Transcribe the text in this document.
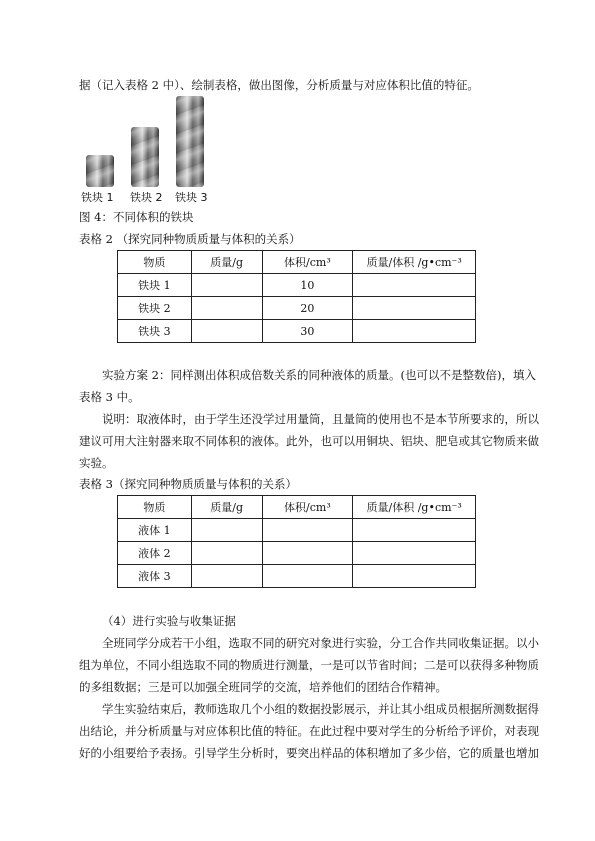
据（记入表格 2 中）、绘制表格，做出图像，分析质量与对应体积比值的特征。
铁块 1 铁块 2 铁块 3
图 4：不同体积的铁块
表格 2 （探究同种物质质量与体积的关系）
物质	质量/g	体积/cm³	质量/体积 /g•cm⁻³
铁块 1		10	
铁块 2		20	
铁块 3		30	

实验方案 2：同样测出体积成倍数关系的同种液体的质量。(也可以不是整数倍)，填入表格 3 中。

说明：取液体时，由于学生还没学过用量筒，且量筒的使用也不是本节所要求的，所以建议可用大注射器来取不同体积的液体。此外，也可以用铜块、铝块、肥皂或其它物质来做实验。

表格 3（探究同种物质质量与体积的关系）
物质	质量/g	体积/cm³	质量/体积 /g•cm⁻³
液体 1			
液体 2			
液体 3			

（4）进行实验与收集证据

全班同学分成若干小组，选取不同的研究对象进行实验，分工合作共同收集证据。以小组为单位，不同小组选取不同的物质进行测量，一是可以节省时间；二是可以获得多种物质的多组数据；三是可以加强全班同学的交流，培养他们的团结合作精神。

学生实验结束后，教师选取几个小组的数据投影展示，并让其小组成员根据所测数据得出结论，并分析质量与对应体积比值的特征。在此过程中要对学生的分析给予评价，对表现好的小组要给予表扬。引导学生分析时，要突出样品的体积增加了多少倍，它的质量也增加
